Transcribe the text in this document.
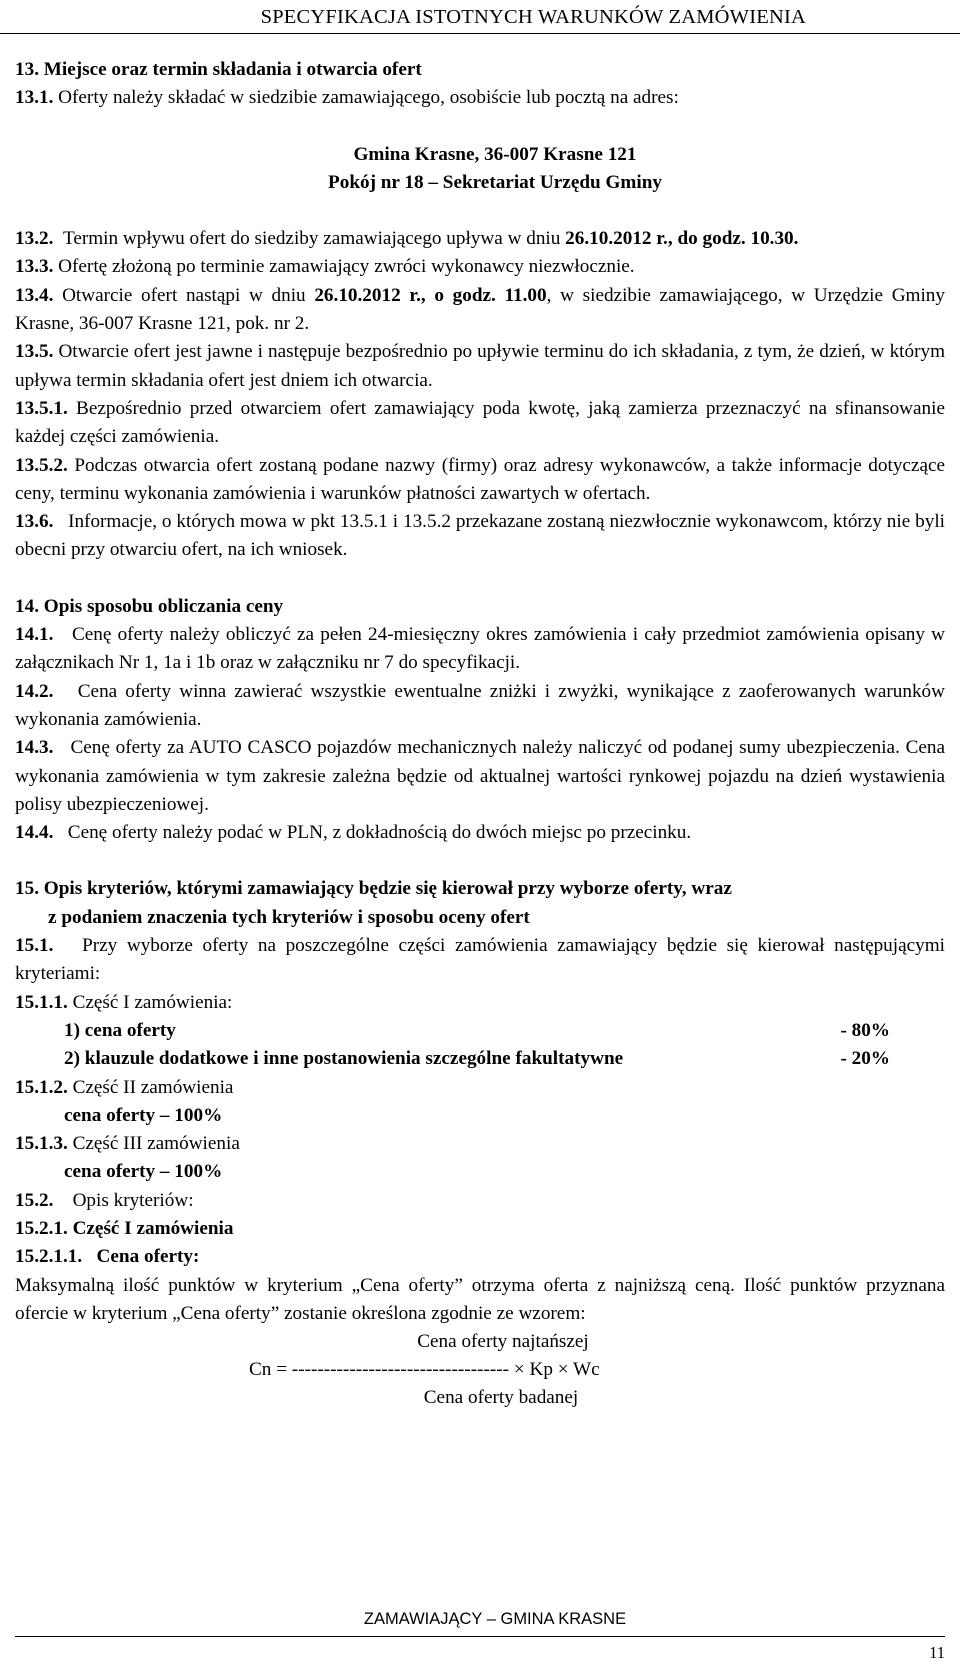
SPECYFIKACJA ISTOTNYCH WARUNKÓW ZAMÓWIENIA

13. Miejsce oraz termin składania i otwarcia ofert

13.1. Oferty należy składać w siedzibie zamawiającego, osobiście lub pocztą na adres:

Gmina Krasne, 36-007 Krasne 121

Pokój nr 18 – Sekretariat Urzędu Gminy

13.2. Termin wpływu ofert do siedziby zamawiającego upływa w dniu 26.10.2012 r., do godz. 10.30.

13.3. Ofertę złożoną po terminie zamawiający zwróci wykonawcy niezwłocznie.

13.4. Otwarcie ofert nastąpi w dniu 26.10.2012 r., o godz. 11.00, w siedzibie zamawiającego, w Urzędzie Gminy Krasne, 36-007 Krasne 121, pok. nr 2.

13.5. Otwarcie ofert jest jawne i następuje bezpośrednio po upływie terminu do ich składania, z tym, że dzień, w którym upływa termin składania ofert jest dniem ich otwarcia.

13.5.1. Bezpośrednio przed otwarciem ofert zamawiający poda kwotę, jaką zamierza przeznaczyć na sfinansowanie każdej części zamówienia.

13.5.2. Podczas otwarcia ofert zostaną podane nazwy (firmy) oraz adresy wykonawców, a także informacje dotyczące ceny, terminu wykonania zamówienia i warunków płatności zawartych w ofertach.

13.6. Informacje, o których mowa w pkt 13.5.1 i 13.5.2 przekazane zostaną niezwłocznie wykonawcom, którzy nie byli obecni przy otwarciu ofert, na ich wniosek.

14. Opis sposobu obliczania ceny

14.1. Cenę oferty należy obliczyć za pełen 24-miesięczny okres zamówienia i cały przedmiot zamówienia opisany w załącznikach Nr 1, 1a i 1b oraz w załączniku nr 7 do specyfikacji.

14.2. Cena oferty winna zawierać wszystkie ewentualne zniżki i zwyżki, wynikające z zaoferowanych warunków wykonania zamówienia.

14.3. Cenę oferty za AUTO CASCO pojazdów mechanicznych należy naliczyć od podanej sumy ubezpieczenia. Cena wykonania zamówienia w tym zakresie zależna będzie od aktualnej wartości rynkowej pojazdu na dzień wystawienia polisy ubezpieczeniowej.

14.4. Cenę oferty należy podać w PLN, z dokładnością do dwóch miejsc po przecinku.

15. Opis kryteriów, którymi zamawiający będzie się kierował przy wyborze oferty, wraz

z podaniem znaczenia tych kryteriów i sposobu oceny ofert

15.1. Przy wyborze oferty na poszczególne części zamówienia zamawiający będzie się kierował następującymi kryteriami:

15.1.1. Część I zamówienia:

1) cena oferty	- 80%
2) klauzule dodatkowe i inne postanowienia szczególne fakultatywne	- 20%

15.1.2. Część II zamówienia

cena oferty – 100%

15.1.3. Część III zamówienia

cena oferty – 100%

15.2. Opis kryteriów:

15.2.1. Część I zamówienia

15.2.1.1.   Cena oferty:

Maksymalną ilość punktów w kryterium „Cena oferty” otrzyma oferta z najniższą ceną. Ilość punktów przyznana ofercie w kryterium „Cena oferty” zostanie określona zgodnie ze wzorem:

Cena oferty najtańszej
Cn = ---------------------------------- × Kp × Wc
Cena oferty badanej
ZAMAWIAJĄCY – GMINA KRASNE
11
